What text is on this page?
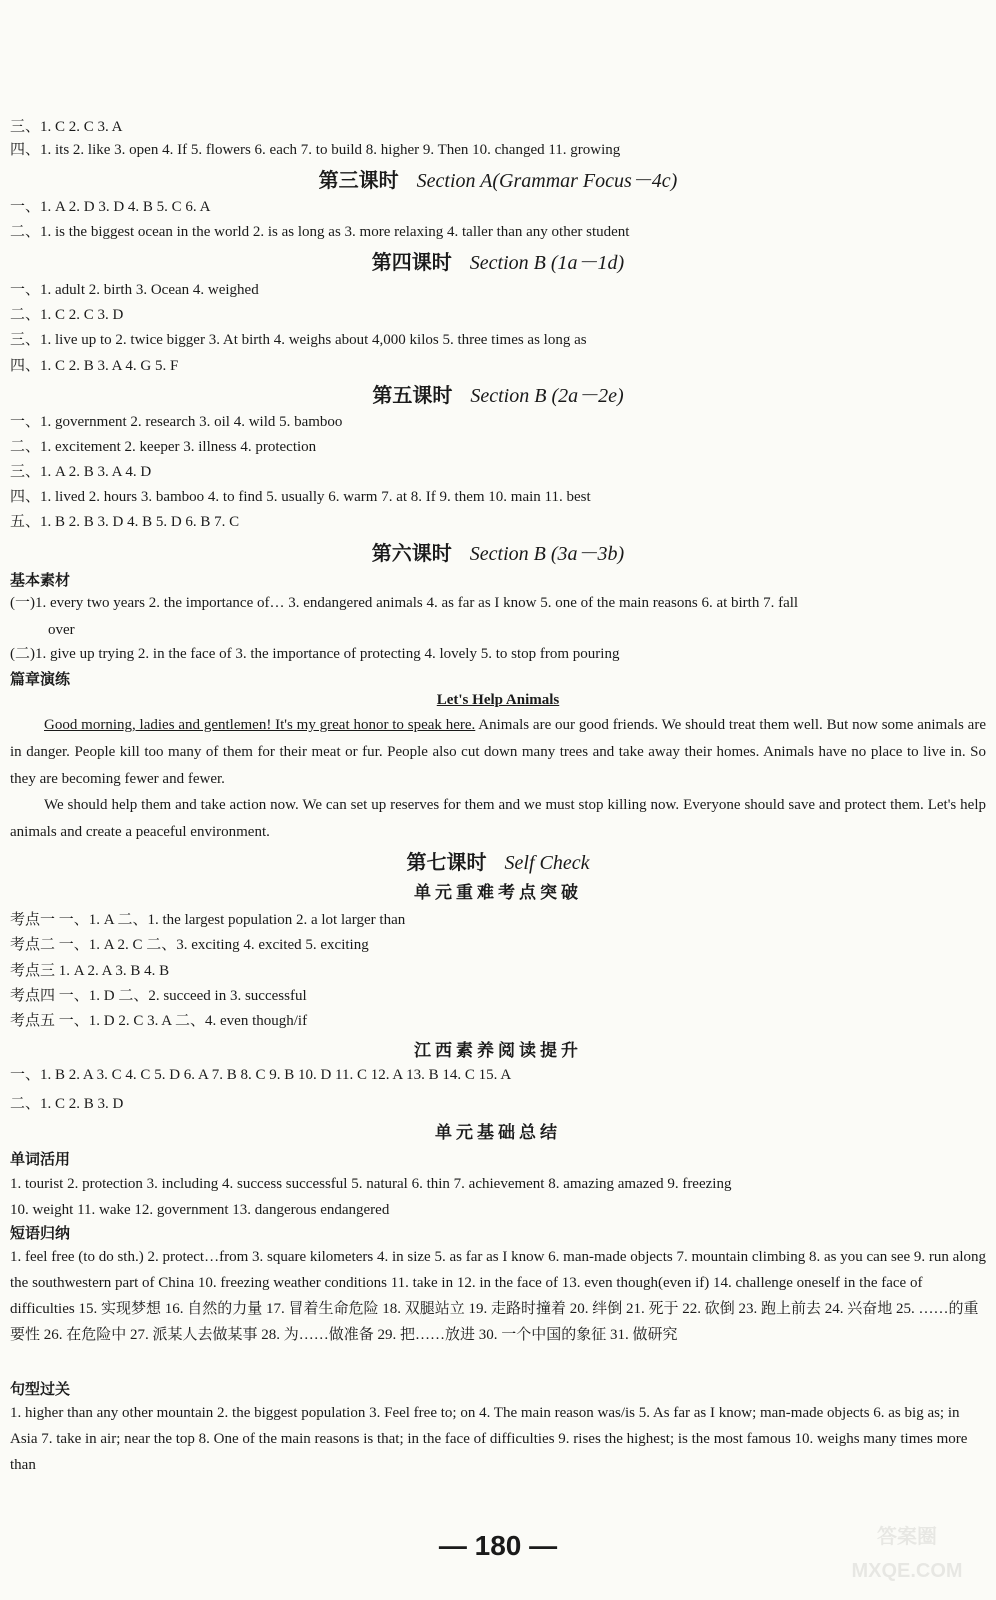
三、1. C 2. C 3. A
四、1. its 2. like 3. open 4. If 5. flowers 6. each 7. to build 8. higher 9. Then 10. changed 11. growing
第三课时 Section A(Grammar Focus－4c)
一、1. A 2. D 3. D 4. B 5. C 6. A
二、1. is the biggest ocean in the world 2. is as long as 3. more relaxing 4. taller than any other student
第四课时 Section B (1a－1d)
一、1. adult 2. birth 3. Ocean 4. weighed
二、1. C 2. C 3. D
三、1. live up to 2. twice bigger 3. At birth 4. weighs about 4,000 kilos 5. three times as long as
四、1. C 2. B 3. A 4. G 5. F
第五课时 Section B (2a－2e)
一、1. government 2. research 3. oil 4. wild 5. bamboo
二、1. excitement 2. keeper 3. illness 4. protection
三、1. A 2. B 3. A 4. D
四、1. lived 2. hours 3. bamboo 4. to find 5. usually 6. warm 7. at 8. If 9. them 10. main 11. best
五、1. B 2. B 3. D 4. B 5. D 6. B 7. C
第六课时 Section B (3a－3b)
基本素材
(一)1. every two years 2. the importance of… 3. endangered animals 4. as far as I know 5. one of the main reasons 6. at birth 7. fall
over
(二)1. give up trying 2. in the face of 3. the importance of protecting 4. lovely 5. to stop from pouring
篇章演练
Let's Help Animals
Good morning, ladies and gentlemen! It's my great honor to speak here. Animals are our good friends. We should treat them well. But now some animals are in danger. People kill too many of them for their meat or fur. People also cut down many trees and take away their homes. Animals have no place to live in. So they are becoming fewer and fewer.
We should help them and take action now. We can set up reserves for them and we must stop killing now. Everyone should save and protect them. Let's help animals and create a peaceful environment.
第七课时 Self Check
单元重难考点突破
考点一 一、1. A 二、1. the largest population 2. a lot larger than
考点二 一、1. A 2. C 二、3. exciting 4. excited 5. exciting
考点三 1. A 2. A 3. B 4. B
考点四 一、1. D 二、2. succeed in 3. successful
考点五 一、1. D 2. C 3. A 二、4. even though/if
江西素养阅读提升
一、1. B 2. A 3. C 4. C 5. D 6. A 7. B 8. C 9. B 10. D 11. C 12. A 13. B 14. C 15. A
二、1. C 2. B 3. D
单元基础总结
单词活用
1. tourist 2. protection 3. including 4. success successful 5. natural 6. thin 7. achievement 8. amazing amazed 9. freezing
10. weight 11. wake 12. government 13. dangerous endangered
短语归纳
1. feel free (to do sth.) 2. protect…from 3. square kilometers 4. in size 5. as far as I know 6. man-made objects 7. mountain climbing 8. as you can see 9. run along the southwestern part of China 10. freezing weather conditions 11. take in 12. in the face of 13. even though(even if) 14. challenge oneself in the face of difficulties 15. 实现梦想 16. 自然的力量 17. 冒着生命危险 18. 双腿站立 19. 走路时撞着 20. 绊倒 21. 死于 22. 砍倒 23. 跑上前去 24. 兴奋地 25. ……的重要性 26. 在危险中 27. 派某人去做某事 28. 为……做准备 29. 把……放进 30. 一个中国的象征 31. 做研究
句型过关
1. higher than any other mountain 2. the biggest population 3. Feel free to; on 4. The main reason was/is 5. As far as I know; man-made objects 6. as big as; in Asia 7. take in air; near the top 8. One of the main reasons is that; in the face of difficulties 9. rises the highest; is the most famous 10. weighs many times more than
— 180 —	答案圈
MXQE.COM
